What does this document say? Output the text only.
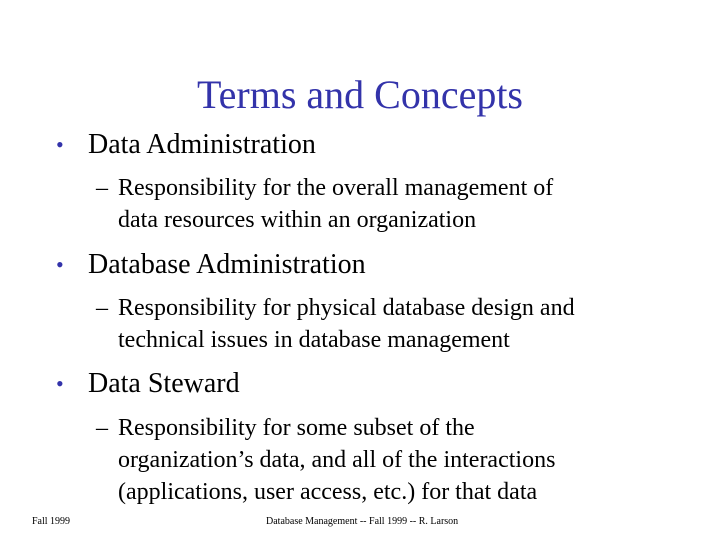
Terms and Concepts
• Data Administration
– Responsibility for the overall management of
data resources within an organization
• Database Administration
– Responsibility for physical database design and
technical issues in database management
• Data Steward
– Responsibility for some subset of the
organization’s data, and all of the interactions
(applications, user access, etc.) for that data
Fall 1999	Database Management -- Fall 1999 -- R. Larson
